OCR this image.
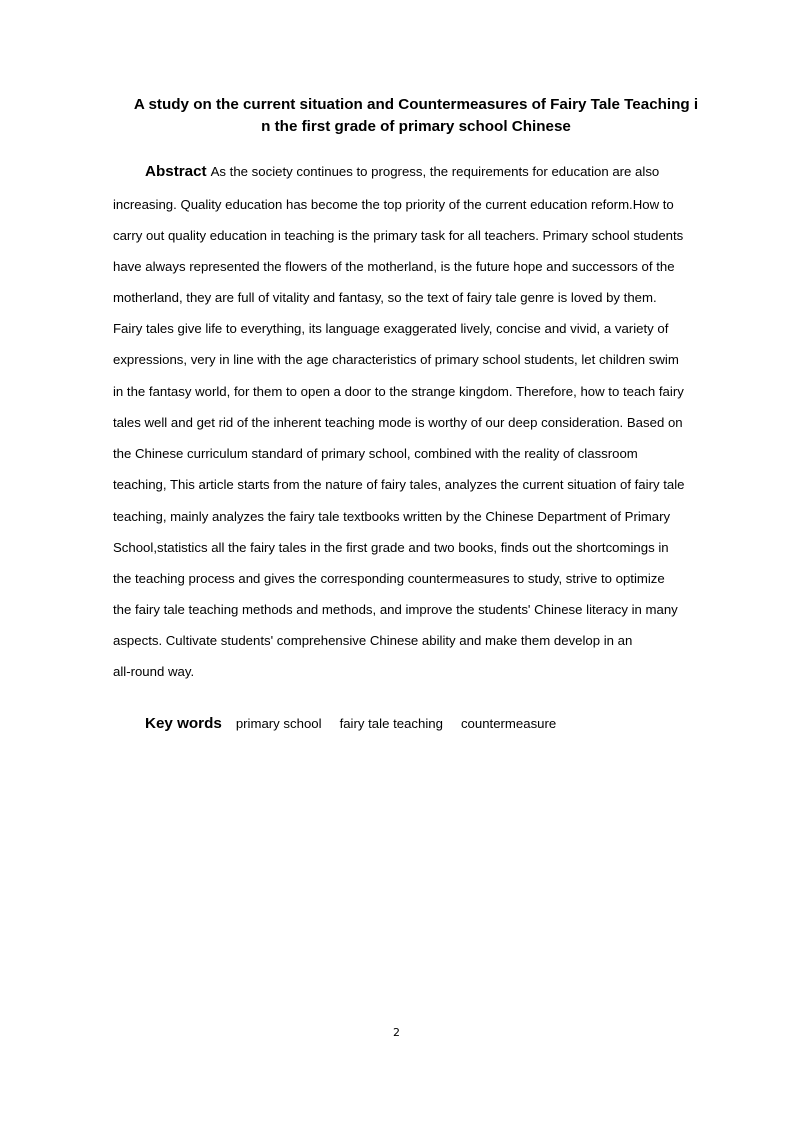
A study on the current situation and Countermeasures of Fairy Tale Teaching i
n the first grade of primary school Chinese
Abstract As the society continues to progress, the requirements for education are also
increasing. Quality education has become the top priority of the current education reform.How to
carry out quality education in teaching is the primary task for all teachers. Primary school students
have always represented the flowers of the motherland, is the future hope and successors of the
motherland, they are full of vitality and fantasy, so the text of fairy tale genre is loved by them.
Fairy tales give life to everything, its language exaggerated lively, concise and vivid, a variety of
expressions, very in line with the age characteristics of primary school students, let children swim
in the fantasy world, for them to open a door to the strange kingdom. Therefore, how to teach fairy
tales well and get rid of the inherent teaching mode is worthy of our deep consideration. Based on
the Chinese curriculum standard of primary school, combined with the reality of classroom
teaching, This article starts from the nature of fairy tales, analyzes the current situation of fairy tale
teaching, mainly analyzes the fairy tale textbooks written by the Chinese Department of Primary
School,statistics all the fairy tales in the first grade and two books, finds out the shortcomings in
the teaching process and gives the corresponding countermeasures to study, strive to optimize
the fairy tale teaching methods and methods, and improve the students' Chinese literacy in many
aspects. Cultivate students' comprehensive Chinese ability and make them develop in an
all-round way.
Key words primary school fairy tale teaching countermeasure
2
